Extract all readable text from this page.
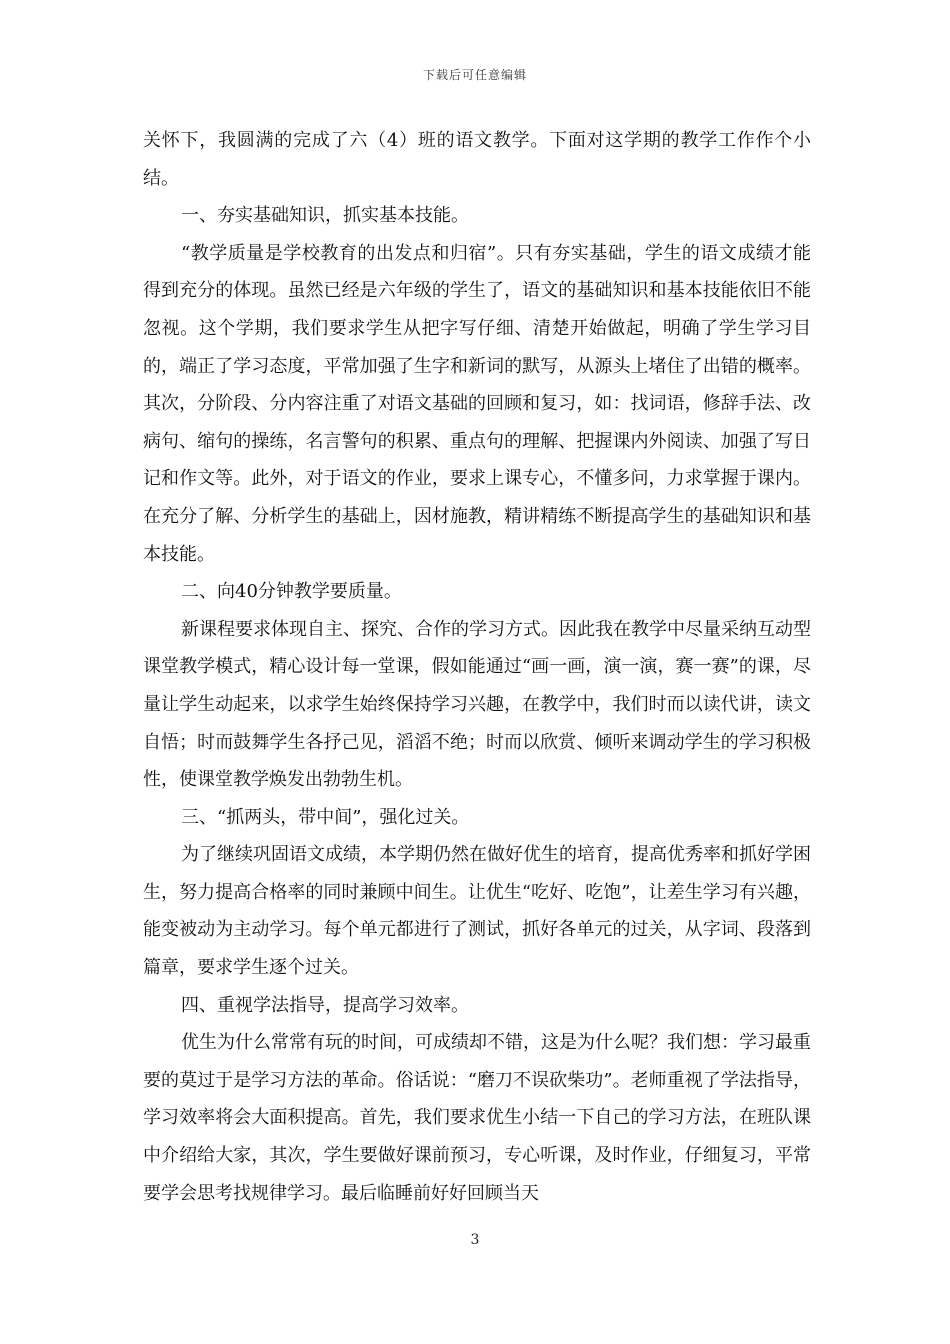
下载后可任意编辑

关怀下，我圆满的完成了六（4）班的语文教学。下面对这学期的教学工作作个小结。

一、夯实基础知识，抓实基本技能。

“教学质量是学校教育的出发点和归宿”。只有夯实基础，学生的语文成绩才能得到充分的体现。虽然已经是六年级的学生了，语文的基础知识和基本技能依旧不能忽视。这个学期，我们要求学生从把字写仔细、清楚开始做起，明确了学生学习目的，端正了学习态度，平常加强了生字和新词的默写，从源头上堵住了出错的概率。其次，分阶段、分内容注重了对语文基础的回顾和复习，如：找词语，修辞手法、改病句、缩句的操练，名言警句的积累、重点句的理解、把握课内外阅读、加强了写日记和作文等。此外，对于语文的作业，要求上课专心，不懂多问，力求掌握于课内。在充分了解、分析学生的基础上，因材施教，精讲精练不断提高学生的基础知识和基本技能。

二、向40分钟教学要质量。

新课程要求体现自主、探究、合作的学习方式。因此我在教学中尽量采纳互动型课堂教学模式，精心设计每一堂课，假如能通过“画一画，演一演，赛一赛”的课，尽量让学生动起来，以求学生始终保持学习兴趣，在教学中，我们时而以读代讲，读文自悟；时而鼓舞学生各抒己见，滔滔不绝；时而以欣赏、倾听来调动学生的学习积极性，使课堂教学焕发出勃勃生机。

三、“抓两头，带中间”，强化过关。

为了继续巩固语文成绩，本学期仍然在做好优生的培育，提高优秀率和抓好学困生，努力提高合格率的同时兼顾中间生。让优生“吃好、吃饱”，让差生学习有兴趣，能变被动为主动学习。每个单元都进行了测试，抓好各单元的过关，从字词、段落到篇章，要求学生逐个过关。

四、重视学法指导，提高学习效率。

优生为什么常常有玩的时间，可成绩却不错，这是为什么呢？我们想：学习最重要的莫过于是学习方法的革命。俗话说：“磨刀不误砍柴功”。老师重视了学法指导，学习效率将会大面积提高。首先，我们要求优生小结一下自己的学习方法，在班队课中介绍给大家，其次，学生要做好课前预习，专心听课，及时作业，仔细复习，平常要学会思考找规律学习。最后临睡前好好回顾当天

3
